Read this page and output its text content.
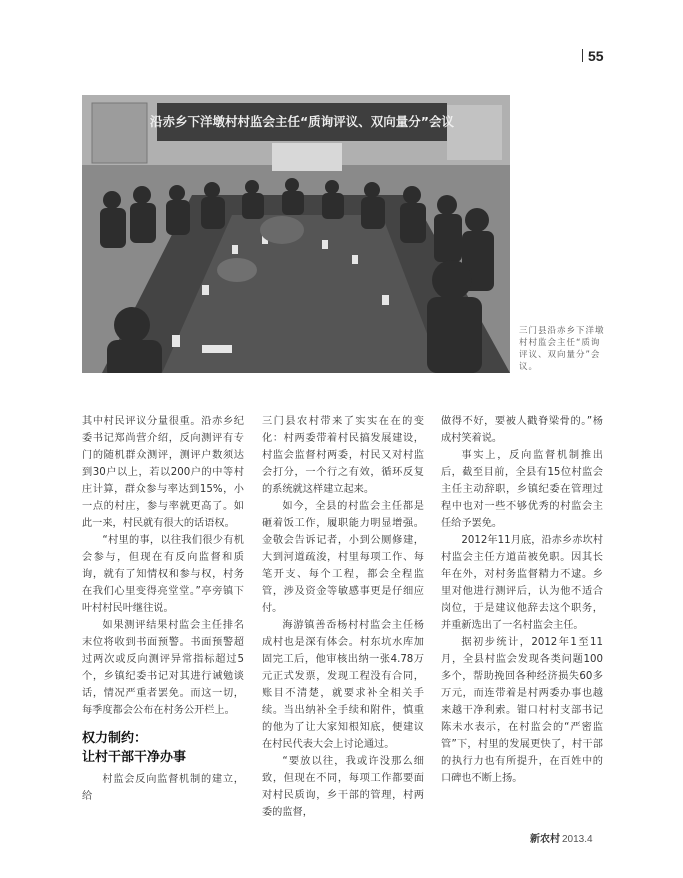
55
沿赤乡下洋墩村村监会主任“质询评议、双向量分”会议
三门县沿赤乡下洋墩村村监会主任“质询评议、双向量分”会议。

其中村民评议分量很重。沿赤乡纪委书记郑尚营介绍，反向测评有专门的随机群众测评，测评户数须达到30户以上，若以200户的中等村庄计算，群众参与率达到15%，小一点的村庄，参与率就更高了。如此一来，村民就有很大的话语权。

“村里的事，以往我们很少有机会参与，但现在有反向监督和质询，就有了知情权和参与权，村务在我们心里变得亮堂堂。”亭旁镇下叶村村民叶继往说。

如果测评结果村监会主任排名末位将收到书面预警。书面预警超过两次或反向测评异常指标超过5个，乡镇纪委书记对其进行诫勉谈话，情况严重者罢免。而这一切，每季度都会公布在村务公开栏上。

权力制约：
让村干部干净办事

村监会反向监督机制的建立，给

三门县农村带来了实实在在的变化：村两委带着村民搞发展建设，村监会监督村两委，村民又对村监会打分，一个行之有效，循环反复的系统就这样建立起来。

如今，全县的村监会主任都是砸着饭工作，履职能力明显增强。金敬会告诉记者，小到公厕修建，大到河道疏浚，村里每项工作、每笔开支、每个工程，都会全程监管，涉及资金等敏感事更是仔细应付。

海游镇善岙杨村村监会主任杨成村也是深有体会。村东坑水库加固完工后，他审核出纳一张4.78万元正式发票，发现工程没有合同，账目不清楚，就要求补全相关手续。当出纳补全手续和附件，慎重的他为了让大家知根知底，便建议在村民代表大会上讨论通过。

“要放以往，我或许没那么细致，但现在不同，每项工作都要面对村民质询，乡干部的管理，村两委的监督，

做得不好，要被人戳脊梁骨的。”杨成村笑着说。

事实上，反向监督机制推出后，截至目前，全县有15位村监会主任主动辞职，乡镇纪委在管理过程中也对一些不够优秀的村监会主任给予罢免。

2012年11月底，沿赤乡赤坎村村监会主任方道苗被免职。因其长年在外，对村务监督精力不逮。乡里对他进行测评后，认为他不适合岗位，于是建议他辞去这个职务，并重新选出了一名村监会主任。

据初步统计，2012年1至11月，全县村监会发现各类问题100多个，帮助挽回各种经济损失60多万元，而连带着是村两委办事也越来越干净利索。钳口村村支部书记陈未水表示，在村监会的“严密监管”下，村里的发展更快了，村干部的执行力也有所提升，在百姓中的口碑也不断上扬。

新农村 2013.4
